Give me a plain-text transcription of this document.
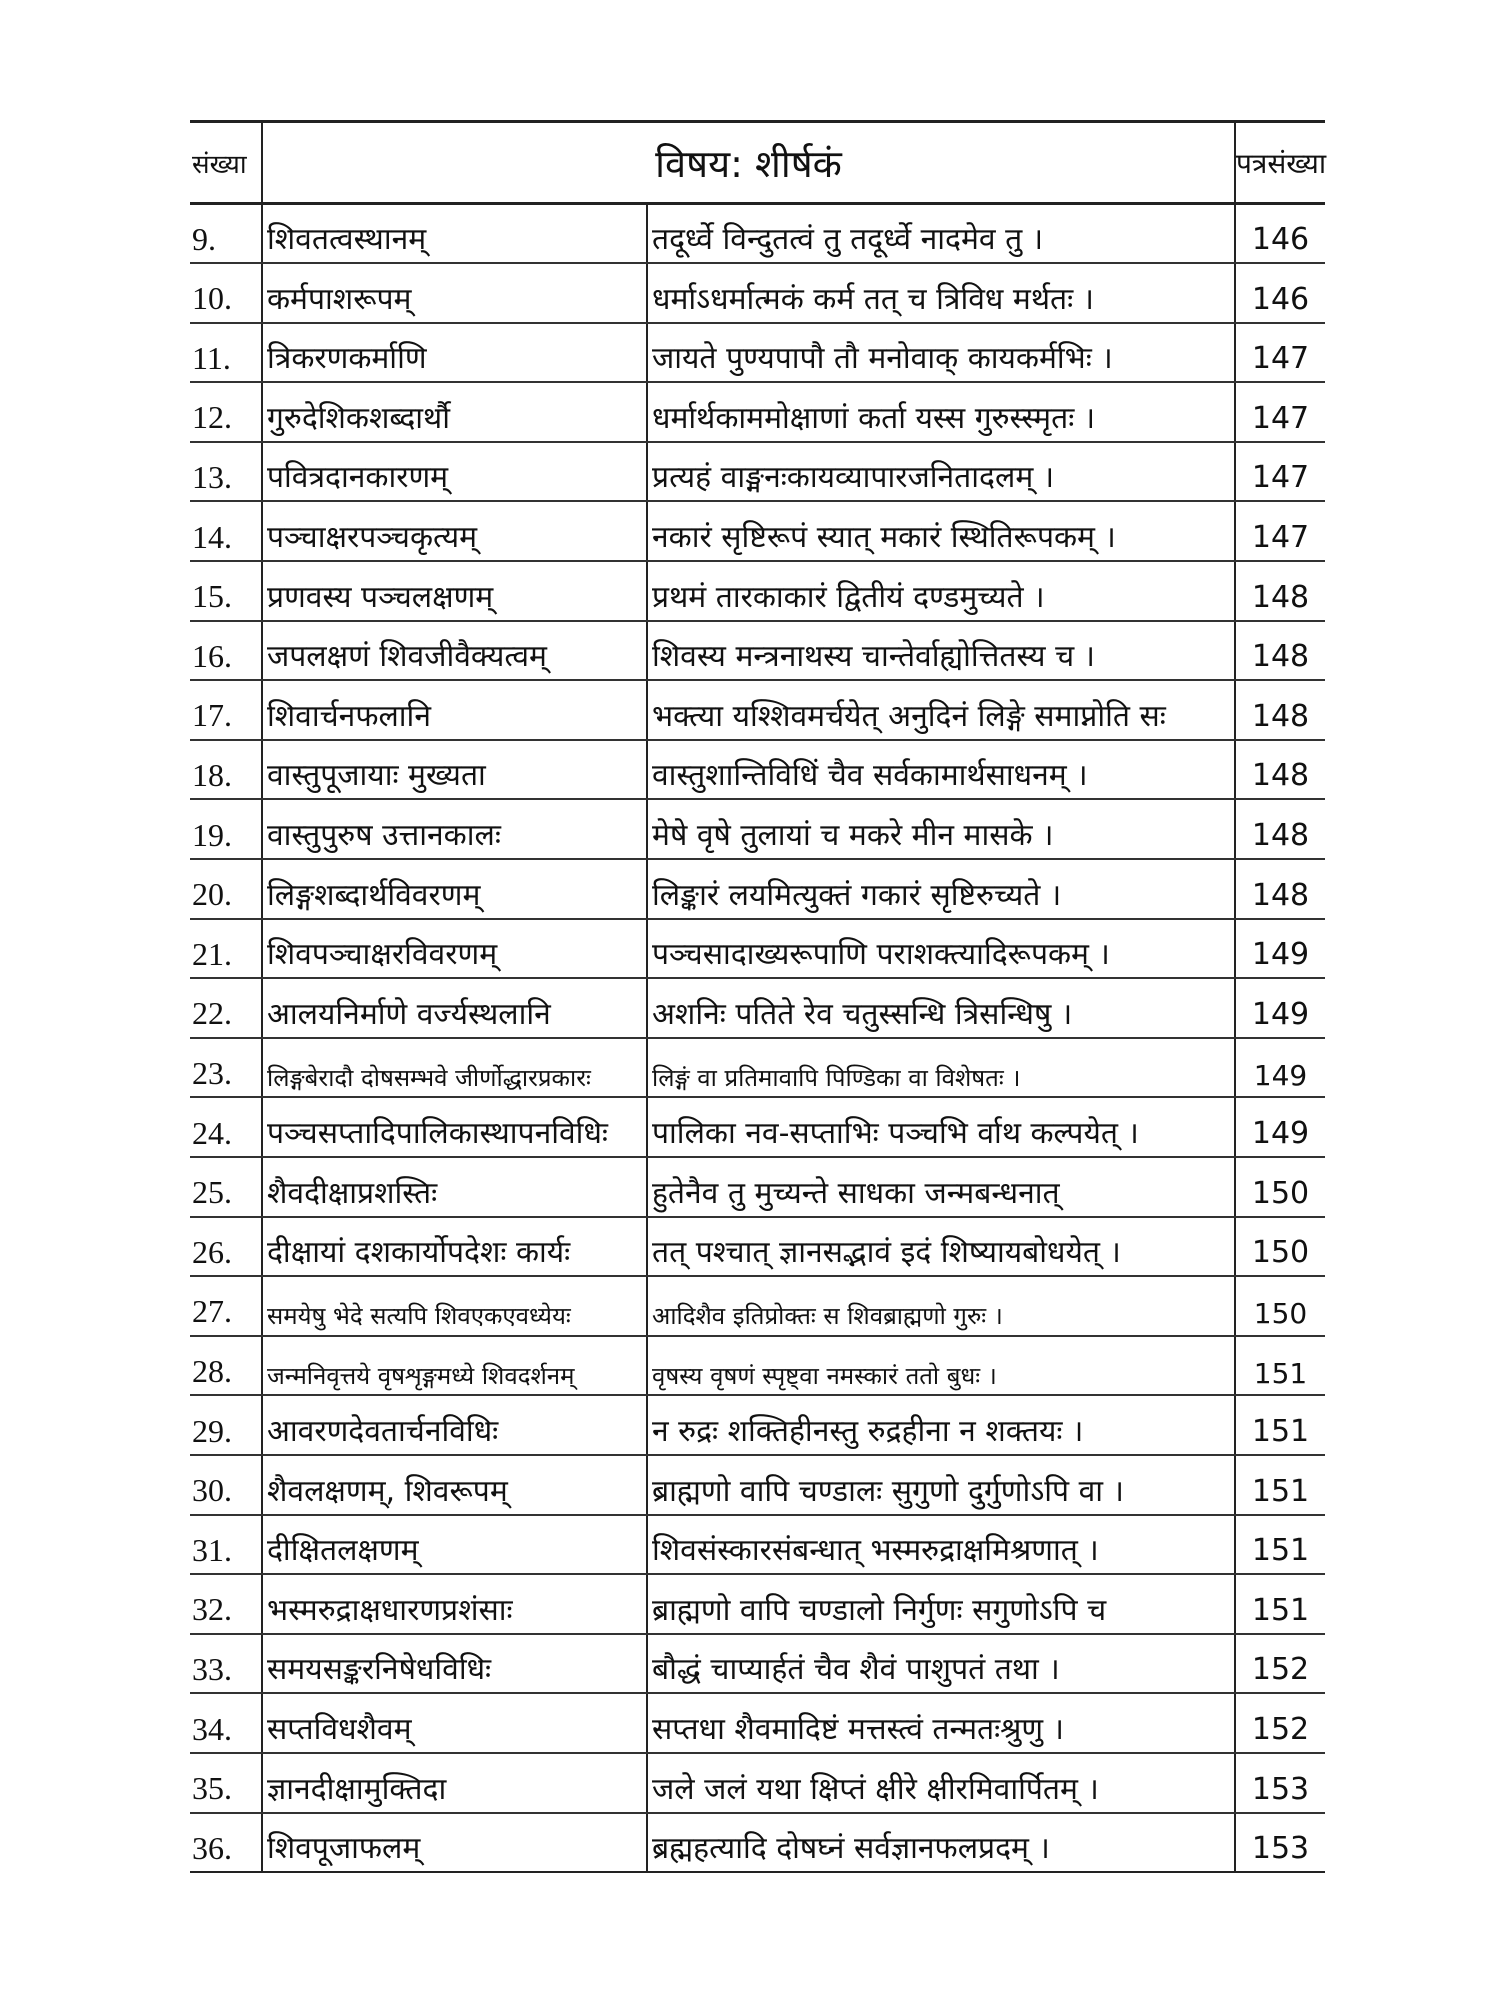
संख्या	विषय: शीर्षकं		पत्रसंख्या
9.	शिवतत्वस्थानम्	तदूर्ध्वे विन्दुतत्वं तु तदूर्ध्वे नादमेव तु ।	146
10.	कर्मपाशरूपम्	धर्माऽधर्मात्मकं कर्म तत् च त्रिविध मर्थतः ।	146
11.	त्रिकरणकर्माणि	जायते पुण्यपापौ तौ मनोवाक् कायकर्मभिः ।	147
12.	गुरुदेशिकशब्दार्थौ	धर्मार्थकाममोक्षाणां कर्ता यस्स गुरुस्स्मृतः ।	147
13.	पवित्रदानकारणम्	प्रत्यहं वाङ्मनःकायव्यापारजनितादलम् ।	147
14.	पञ्चाक्षरपञ्चकृत्यम्	नकारं सृष्टिरूपं स्यात् मकारं स्थितिरूपकम् ।	147
15.	प्रणवस्य पञ्चलक्षणम्	प्रथमं तारकाकारं द्वितीयं दण्डमुच्यते ।	148
16.	जपलक्षणं शिवजीवैक्यत्वम्	शिवस्य मन्त्रनाथस्य चान्तेर्वाह्योत्तितस्य च ।	148
17.	शिवार्चनफलानि	भक्त्या यश्शिवमर्चयेत् अनुदिनं लिङ्गे समाप्नोति सः	148
18.	वास्तुपूजायाः मुख्यता	वास्तुशान्तिविधिं चैव सर्वकामार्थसाधनम् ।	148
19.	वास्तुपुरुष उत्तानकालः	मेषे वृषे तुलायां च मकरे मीन मासके ।	148
20.	लिङ्गशब्दार्थविवरणम्	लिङ्कारं लयमित्युक्तं गकारं सृष्टिरुच्यते ।	148
21.	शिवपञ्चाक्षरविवरणम्	पञ्चसादाख्यरूपाणि पराशक्त्यादिरूपकम् ।	149
22.	आलयनिर्माणे वर्ज्यस्थलानि	अशनिः पतिते रेव चतुस्सन्धि त्रिसन्धिषु ।	149
23.	लिङ्गबेरादौ दोषसम्भवे जीर्णोद्धारप्रकारः	लिङ्गं वा प्रतिमावापि पिण्डिका वा विशेषतः ।	149
24.	पञ्चसप्तादिपालिकास्थापनविधिः	पालिका नव-सप्ताभिः पञ्चभि र्वाथ कल्पयेत् ।	149
25.	शैवदीक्षाप्रशस्तिः	हुतेनैव तु मुच्यन्ते साधका जन्मबन्धनात्	150
26.	दीक्षायां दशकार्योपदेशः कार्यः	तत् पश्चात् ज्ञानसद्भावं इदं शिष्यायबोधयेत् ।	150
27.	समयेषु भेदे सत्यपि शिवएकएवध्येयः	आदिशैव इतिप्रोक्तः स शिवब्राह्मणो गुरुः ।	150
28.	जन्मनिवृत्तये वृषशृङ्गमध्ये शिवदर्शनम्	वृषस्य वृषणं स्पृष्ट्वा नमस्कारं ततो बुधः ।	151
29.	आवरणदेवतार्चनविधिः	न रुद्रः शक्तिहीनस्तु रुद्रहीना न शक्तयः ।	151
30.	शैवलक्षणम्, शिवरूपम्	ब्राह्मणो वापि चण्डालः सुगुणो दुर्गुणोऽपि वा ।	151
31.	दीक्षितलक्षणम्	शिवसंस्कारसंबन्धात् भस्मरुद्राक्षमिश्रणात् ।	151
32.	भस्मरुद्राक्षधारणप्रशंसाः	ब्राह्मणो वापि चण्डालो निर्गुणः सगुणोऽपि च	151
33.	समयसङ्करनिषेधविधिः	बौद्धं चाप्यार्हतं चैव शैवं पाशुपतं तथा ।	152
34.	सप्तविधशैवम्	सप्तधा शैवमादिष्टं मत्तस्त्वं तन्मतःश्रुणु ।	152
35.	ज्ञानदीक्षामुक्तिदा	जले जलं यथा क्षिप्तं क्षीरे क्षीरमिवार्पितम् ।	153
36.	शिवपूजाफलम्	ब्रह्महत्यादि दोषघ्नं सर्वज्ञानफलप्रदम् ।	153
